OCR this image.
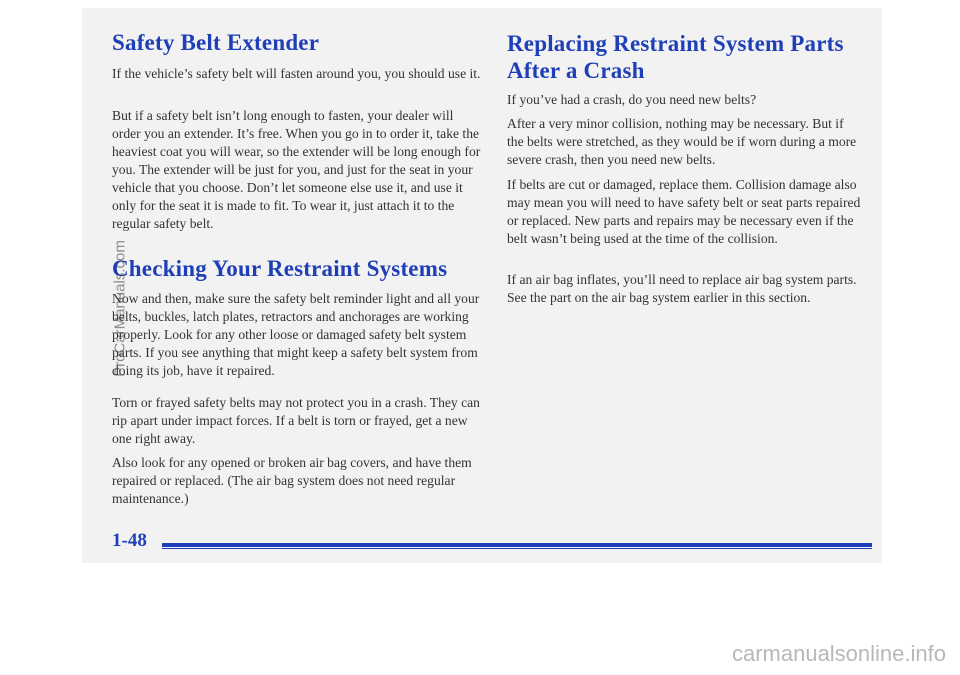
Safety Belt Extender

If the vehicle’s safety belt will fasten around you, you should use it.

But if a safety belt isn’t long enough to fasten, your dealer will order you an extender. It’s free. When you go in to order it, take the heaviest coat you will wear, so the extender will be long enough for you. The extender will be just for you, and just for the seat in your vehicle that you choose. Don’t let someone else use it, and use it only for the seat it is made to fit. To wear it, just attach it to the regular safety belt.

Checking Your Restraint Systems

Now and then, make sure the safety belt reminder light and all your belts, buckles, latch plates, retractors and anchorages are working properly. Look for any other loose or damaged safety belt system parts. If you see anything that might keep a safety belt system from doing its job, have it repaired.

Torn or frayed safety belts may not protect you in a crash. They can rip apart under impact forces. If a belt is torn or frayed, get a new one right away.

Also look for any opened or broken air bag covers, and have them repaired or replaced. (The air bag system does not need regular maintenance.)

Replacing Restraint System Parts After a Crash

If you’ve had a crash, do you need new belts?

After a very minor collision, nothing may be necessary. But if the belts were stretched, as they would be if worn during a more severe crash, then you need new belts.

If belts are cut or damaged, replace them. Collision damage also may mean you will need to have safety belt or seat parts repaired or replaced. New parts and repairs may be necessary even if the belt wasn’t being used at the time of the collision.

If an air bag inflates, you’ll need to replace air bag system parts. See the part on the air bag system earlier in this section.

1-48
ProCarManuals.com
carmanualsonline.info
